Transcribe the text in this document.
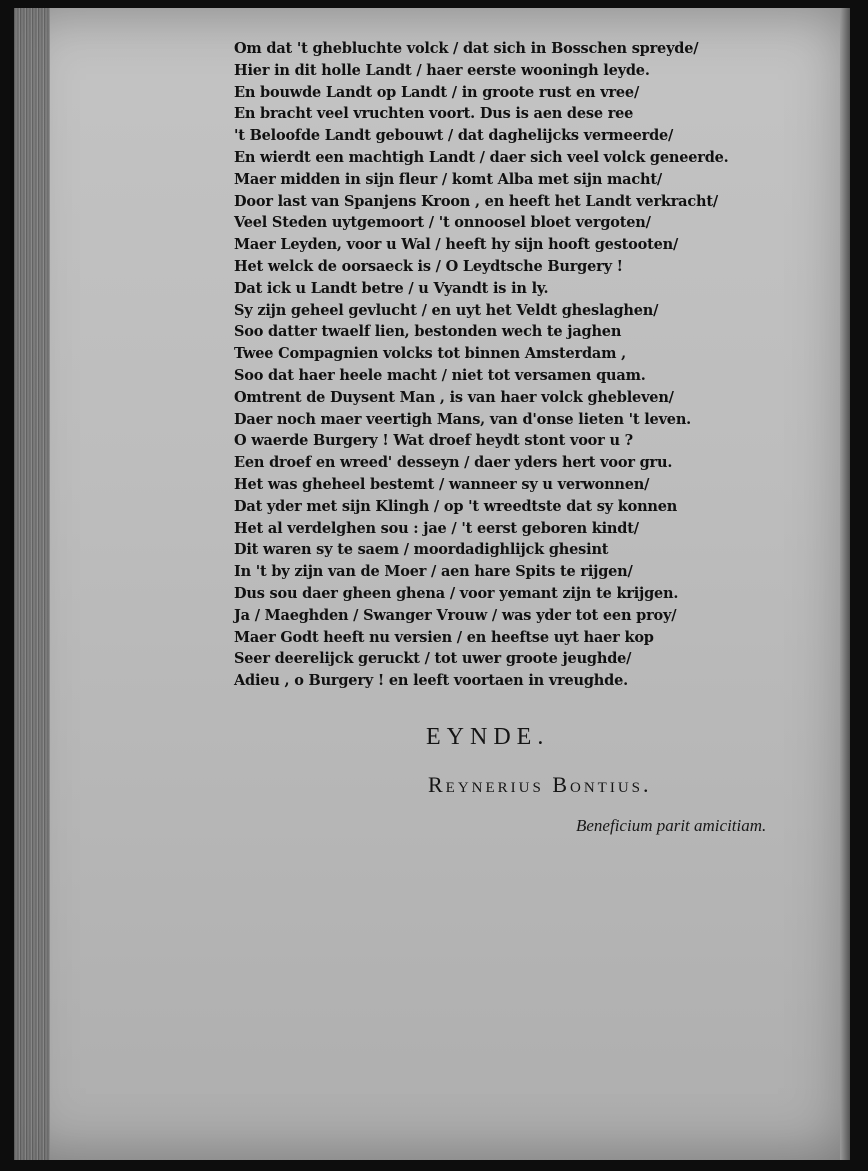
Om dat 't ghebluchte volck / dat sich in Bosschen spreyde/
Hier in dit holle Landt / haer eerste wooningh leyde.
En bouwde Landt op Landt / in groote rust en vree/
En bracht veel vruchten voort. Dus is aen dese ree
't Beloofde Landt gebouwt / dat daghelijcks vermeerde/
En wierdt een machtigh Landt / daer sich veel volck geneerde.
Maer midden in sijn fleur / komt Alba met sijn macht/
Door last van Spanjens Kroon , en heeft het Landt verkracht/
Veel Steden uytgemoort / 't onnoosel bloet vergoten/
Maer Leyden, voor u Wal / heeft hy sijn hooft gestooten/
Het welck de oorsaeck is / O Leydtsche Burgery !
Dat ick u Landt betre / u Vyandt is in ly.
Sy zijn geheel gevlucht / en uyt het Veldt gheslaghen/
Soo datter twaelf lien, bestonden wech te jaghen
Twee Compagnien volcks tot binnen Amsterdam ,
Soo dat haer heele macht / niet tot versamen quam.
Omtrent de Duysent Man , is van haer volck ghebleven/
Daer noch maer veertigh Mans, van d'onse lieten 't leven.
O waerde Burgery ! Wat droef heydt stont voor u ?
Een droef en wreed' desseyn / daer yders hert voor gru.
Het was gheheel bestemt / wanneer sy u verwonnen/
Dat yder met sijn Klingh / op 't wreedtste dat sy konnen
Het al verdelghen sou : jae / 't eerst geboren kindt/
Dit waren sy te saem / moordadighlijck ghesint
In 't by zijn van de Moer / aen hare Spits te rijgen/
Dus sou daer gheen ghena / voor yemant zijn te krijgen.
Ja / Maeghden / Swanger Vrouw / was yder tot een proy/
Maer Godt heeft nu versien / en heeftse uyt haer kop
Seer deerelijck geruckt / tot uwer groote jeughde/
Adieu , o Burgery ! en leeft voortaen in vreughde.

EYNDE.

Reynerius Bontius.

Beneficium parit amicitiam.
